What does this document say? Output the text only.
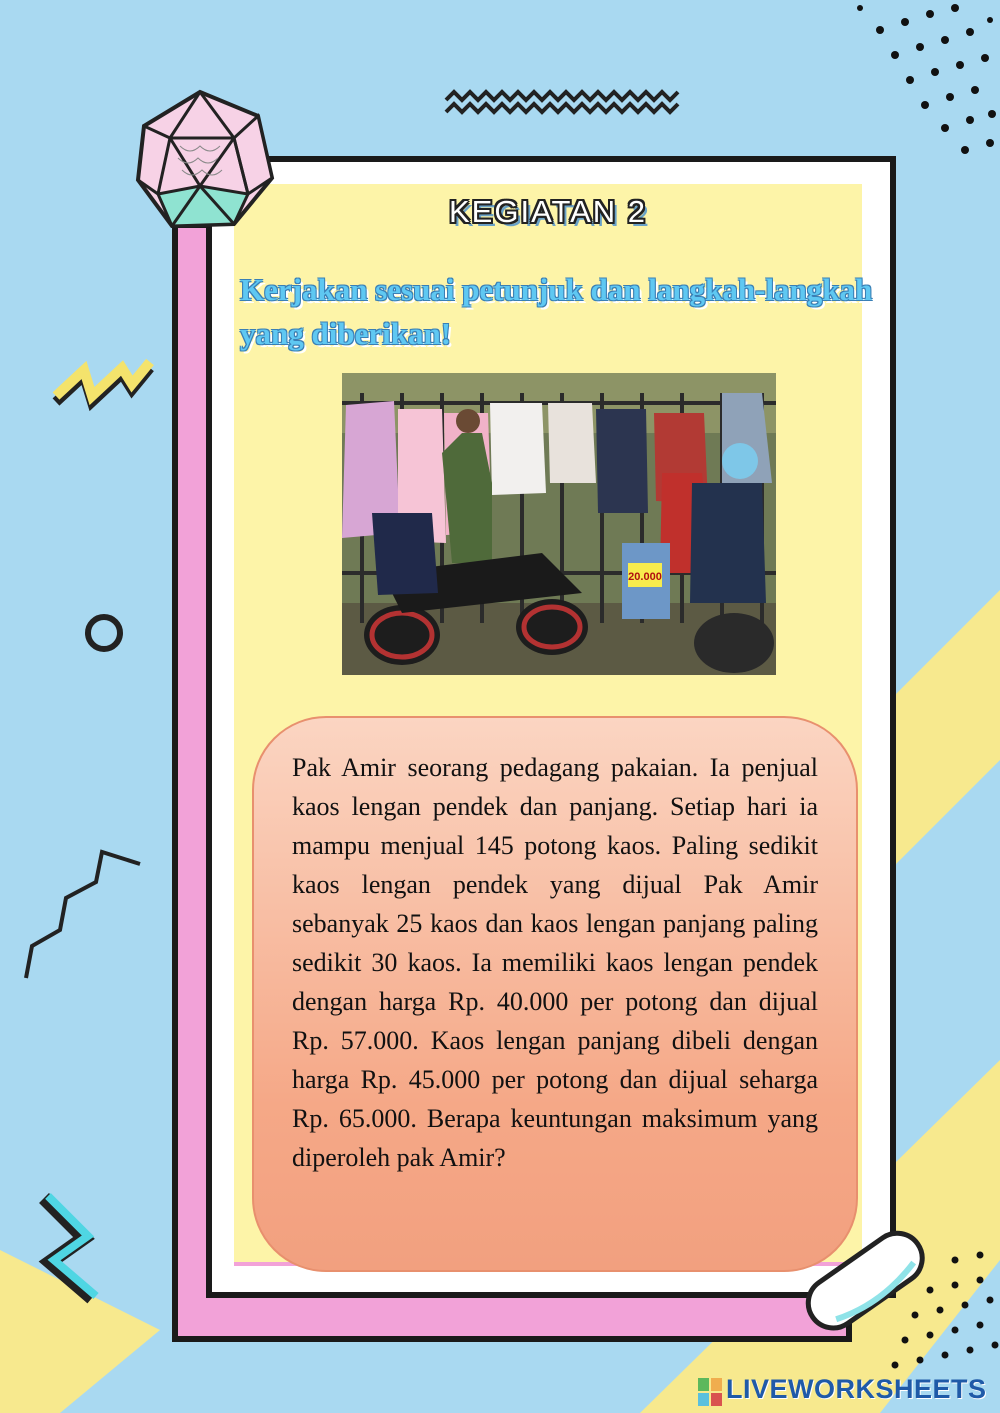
KEGIATAN 2
Kerjakan sesuai petunjuk dan langkah-langkah yang diberikan!
20.000
Pak Amir seorang pedagang pakaian. Ia penjual kaos lengan pendek dan panjang. Setiap hari ia mampu menjual 145 potong kaos. Paling sedikit kaos lengan pendek yang dijual Pak Amir sebanyak 25 kaos dan kaos lengan panjang paling sedikit 30 kaos. Ia memiliki kaos lengan pendek dengan harga Rp. 40.000 per potong dan dijual Rp. 57.000. Kaos lengan panjang dibeli dengan harga Rp. 45.000 per potong dan dijual seharga Rp. 65.000. Berapa keuntungan maksimum yang diperoleh pak Amir?
LIVEWORKSHEETS
